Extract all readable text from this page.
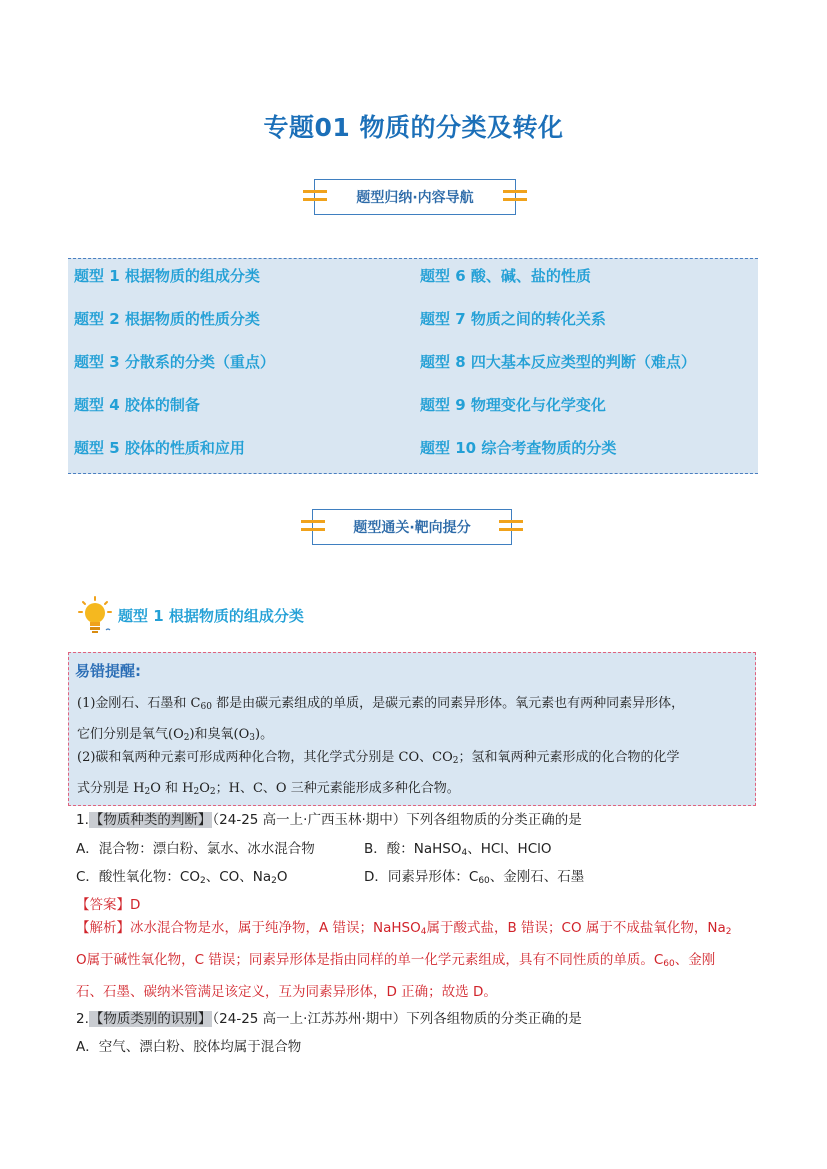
专题01 物质的分类及转化
题型归纳·内容导航
题型 1 根据物质的组成分类
题型 2 根据物质的性质分类
题型 3 分散系的分类（重点）
题型 4 胶体的制备
题型 5 胶体的性质和应用
题型 6 酸、碱、盐的性质
题型 7 物质之间的转化关系
题型 8 四大基本反应类型的判断（难点）
题型 9 物理变化与化学变化
题型 10 综合考查物质的分类
题型通关·靶向提分
题型 1 根据物质的组成分类
易错提醒:
(1)金刚石、石墨和 $C_{60}$ 都是由碳元素组成的单质，是碳元素的同素异形体。氧元素也有两种同素异形体，
它们分别是氧气$(O_2)$和臭氧$(O_3)$。
(2)碳和氧两种元素可形成两种化合物，其化学式分别是 CO、$CO_2$；氢和氧两种元素形成的化合物的化学
式分别是 $H_2O$ 和 $H_2O_2$；H、C、O 三种元素能形成多种化合物。
1.【物质种类的判断】（24-25 高一上·广西玉林·期中）下列各组物质的分类正确的是
A．混合物：漂白粉、氯水、冰水混合物	B．酸：NaHSO$_4$、HCl、HClO
C．酸性氧化物：$CO_2$、CO、$Na_2O$	D．同素异形体：$C_{60}$、金刚石、石墨
【答案】D
【解析】冰水混合物是水，属于纯净物，A 错误；NaHSO$_4$属于酸式盐，B 错误；CO 属于不成盐氧化物，$Na_2$
O属于碱性氧化物，C 错误；同素异形体是指由同样的单一化学元素组成，具有不同性质的单质。$C_{60}$、金刚
石、石墨、碳纳米管满足该定义，互为同素异形体，D 正确；故选 D。
2.【物质类别的识别】（24-25 高一上·江苏苏州·期中）下列各组物质的分类正确的是
A．空气、漂白粉、胶体均属于混合物
